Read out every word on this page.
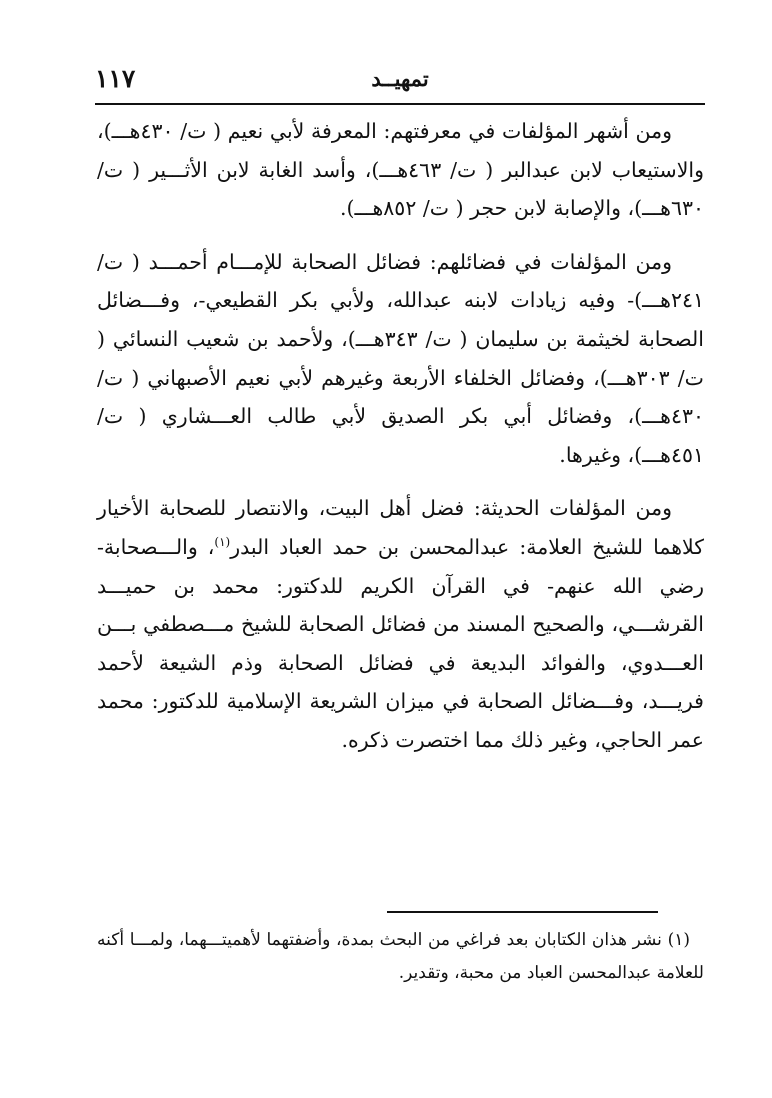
١١٧	تمهيــد

ومن أشهر المؤلفات في معرفتهم: المعرفة لأبي نعيم ( ت/ ٤٣٠هـــ)، والاستيعاب لابن عبدالبر ( ت/ ٤٦٣هـــ)، وأسد الغابة لابن الأثـــير ( ت/ ٦٣٠هـــ)، والإصابة لابن حجر ( ت/ ٨٥٢هـــ).

ومن المؤلفات في فضائلهم: فضائل الصحابة للإمـــام أحمـــد ( ت/ ٢٤١هـــ)- وفيه زيادات لابنه عبدالله، ولأبي بكر القطيعي-، وفـــضائل الصحابة لخيثمة بن سليمان ( ت/ ٣٤٣هـــ)، ولأحمد بن شعيب النسائي ( ت/ ٣٠٣هـــ)، وفضائل الخلفاء الأربعة وغيرهم لأبي نعيم الأصبهاني ( ت/ ٤٣٠هـــ)، وفضائل أبي بكر الصديق لأبي طالب العـــشاري ( ت/ ٤٥١هـــ)، وغيرها.

ومن المؤلفات الحديثة: فضل أهل البيت، والانتصار للصحابة الأخيار كلاهما للشيخ العلامة: عبدالمحسن بن حمد العباد البدر$^{(١)}$، والـــصحابة- رضي الله عنهم- في القرآن الكريم للدكتور: محمد بن حميـــد القرشـــي، والصحيح المسند من فضائل الصحابة للشيخ مـــصطفي بـــن العـــدوي، والفوائد البديعة في فضائل الصحابة وذم الشيعة لأحمد فريـــد، وفـــضائل الصحابة في ميزان الشريعة الإسلامية للدكتور: محمد عمر الحاجي، وغير ذلك مما اختصرت ذكره.

(١) نشر هذان الكتابان بعد فراغي من البحث بمدة، وأضفتهما لأهميتـــهما، ولمـــا أكنه للعلامة عبدالمحسن العباد من محبة، وتقدير.
